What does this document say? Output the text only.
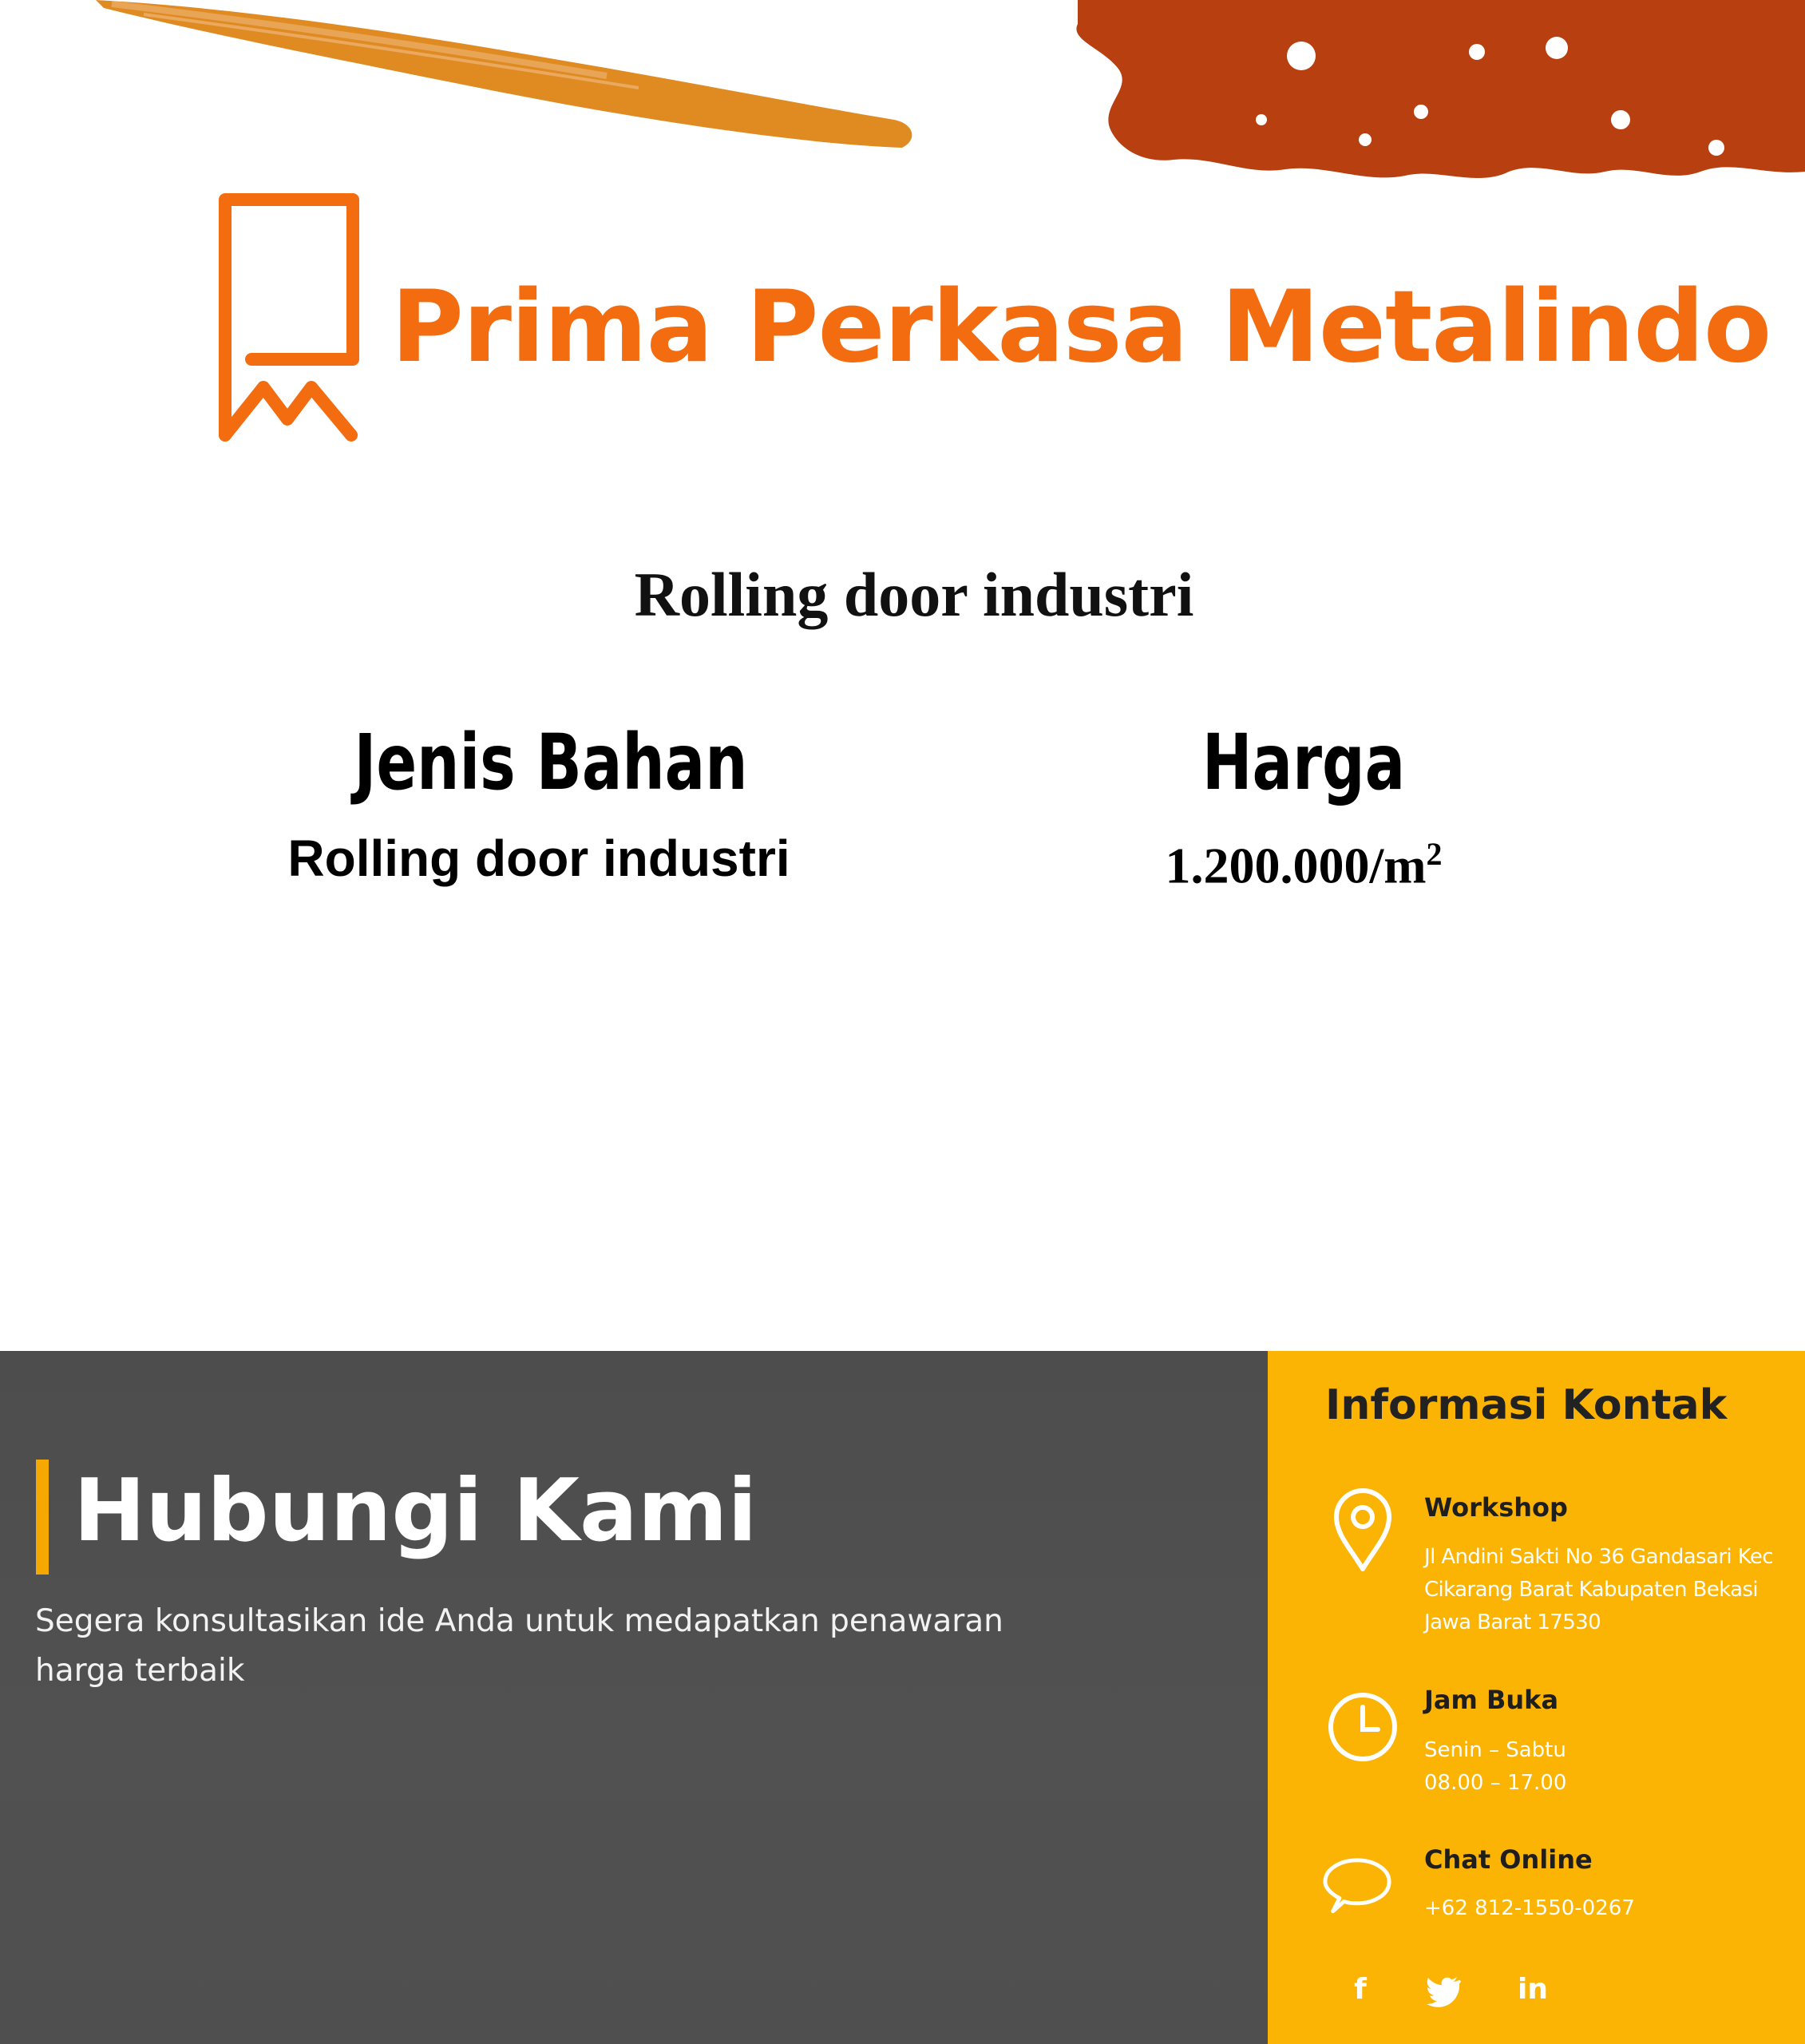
Prima Perkasa Metalindo
Rolling door industri
Jenis Bahan	Harga
Rolling door industri	$1.200.000/m^2$
Hubungi Kami
Segera konsultasikan ide Anda untuk medapatkan penawaran harga terbaik
Informasi Kontak
Workshop
Jl Andini Sakti No 36 Gandasari Kec Cikarang Barat Kabupaten Bekasi Jawa Barat 17530
Jam Buka
Senin – Sabtu
08.00 – 17.00
Chat Online
+62 812-1550-0267
f	in
